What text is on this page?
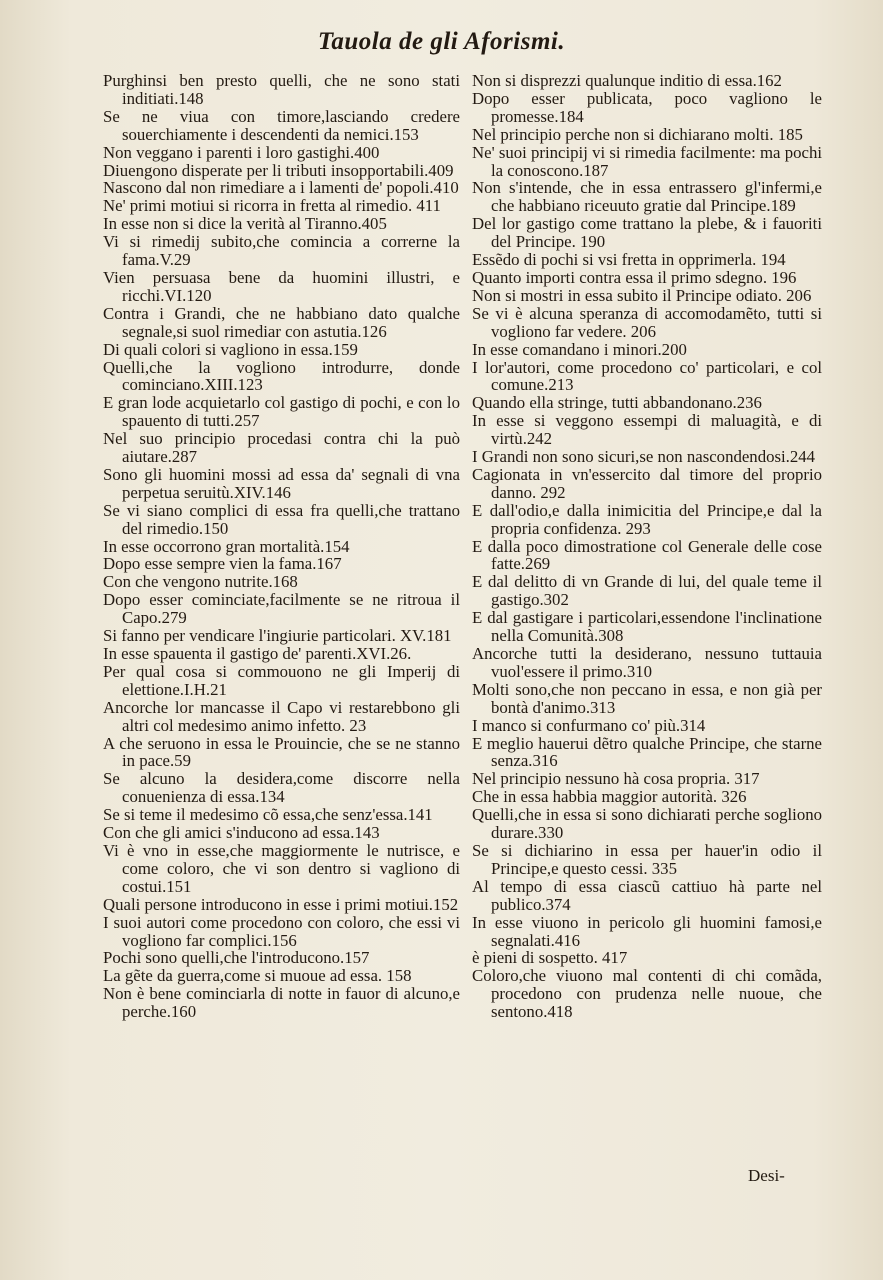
Tauola de gli Aforismi.

Purghinsi ben presto quelli, che ne sono stati inditiati.148

Se ne viua con timore,lasciando credere souerchiamente i descendenti da nemici.153

Non veggano i parenti i loro gastighi.400

Diuengono disperate per li tributi insopportabili.409

Nascono dal non rimediare a i lamenti de' popoli.410

Ne' primi motiui si ricorra in fretta al rimedio. 411

In esse non si dice la verità al Tiranno.405

Vi si rimedij subito,che comincia a correrne la fama.V.29

Vien persuasa bene da huomini illustri, e ricchi.VI.120

Contra i Grandi, che ne habbiano dato qualche segnale,si suol rimediar con astutia.126

Di quali colori si vagliono in essa.159

Quelli,che la vogliono introdurre, donde cominciano.XIII.123

E gran lode acquietarlo col gastigo di pochi, e con lo spauento di tutti.257

Nel suo principio procedasi contra chi la può aiutare.287

Sono gli huomini mossi ad essa da' segnali di vna perpetua seruitù.XIV.146

Se vi siano complici di essa fra quelli,che trattano del rimedio.150

In esse occorrono gran mortalità.154

Dopo esse sempre vien la fama.167

Con che vengono nutrite.168

Dopo esser cominciate,facilmente se ne ritroua il Capo.279

Si fanno per vendicare l'ingiurie particolari. XV.181

In esse spauenta il gastigo de' parenti.XVI.26.

Per qual cosa si commouono ne gli Imperij di elettione.I.H.21

Ancorche lor mancasse il Capo vi restarebbono gli altri col medesimo animo infetto. 23

A che seruono in essa le Prouincie, che se ne stanno in pace.59

Se alcuno la desidera,come discorre nella conuenienza di essa.134

Se si teme il medesimo cõ essa,che senz'essa.141

Con che gli amici s'inducono ad essa.143

Vi è vno in esse,che maggiormente le nutrisce, e come coloro, che vi son dentro si vagliono di costui.151

Quali persone introducono in esse i primi motiui.152

I suoi autori come procedono con coloro, che essi vi vogliono far complici.156

Pochi sono quelli,che l'introducono.157

La gẽte da guerra,come si muoue ad essa. 158

Non è bene cominciarla di notte in fauor di alcuno,e perche.160

Non si disprezzi qualunque inditio di essa.162

Dopo esser publicata, poco vagliono le promesse.184

Nel principio perche non si dichiarano molti. 185

Ne' suoi principij vi si rimedia facilmente: ma pochi la conoscono.187

Non s'intende, che in essa entrassero gl'infermi,e che habbiano riceuuto gratie dal Principe.189

Del lor gastigo come trattano la plebe, & i fauoriti del Principe. 190

Essẽdo di pochi si vsi fretta in opprimerla. 194

Quanto importi contra essa il primo sdegno. 196

Non si mostri in essa subito il Principe odiato. 206

Se vi è alcuna speranza di accomodamẽto, tutti si vogliono far vedere. 206

In esse comandano i minori.200

I lor'autori, come procedono co' particolari, e col comune.213

Quando ella stringe, tutti abbandonano.236

In esse si veggono essempi di maluagità, e di virtù.242

I Grandi non sono sicuri,se non nascondendosi.244

Cagionata in vn'essercito dal timore del proprio danno. 292

E dall'odio,e dalla inimicitia del Principe,e dal la propria confidenza. 293

E dalla poco dimostratione col Generale delle cose fatte.269

E dal delitto di vn Grande di lui, del quale teme il gastigo.302

E dal gastigare i particolari,essendone l'inclinatione nella Comunità.308

Ancorche tutti la desiderano, nessuno tuttauia vuol'essere il primo.310

Molti sono,che non peccano in essa, e non già per bontà d'animo.313

I manco si confurmano co' più.314

E meglio hauerui dẽtro qualche Principe, che starne senza.316

Nel principio nessuno hà cosa propria. 317

Che in essa habbia maggior autorità. 326

Quelli,che in essa si sono dichiarati perche sogliono durare.330

Se si dichiarino in essa per hauer'in odio il Principe,e questo cessi. 335

Al tempo di essa ciascũ cattiuo hà parte nel publico.374

In esse viuono in pericolo gli huomini famosi,e segnalati.416

è pieni di sospetto. 417

Coloro,che viuono mal contenti di chi comãda, procedono con prudenza nelle nuoue, che sentono.418

Desi-
